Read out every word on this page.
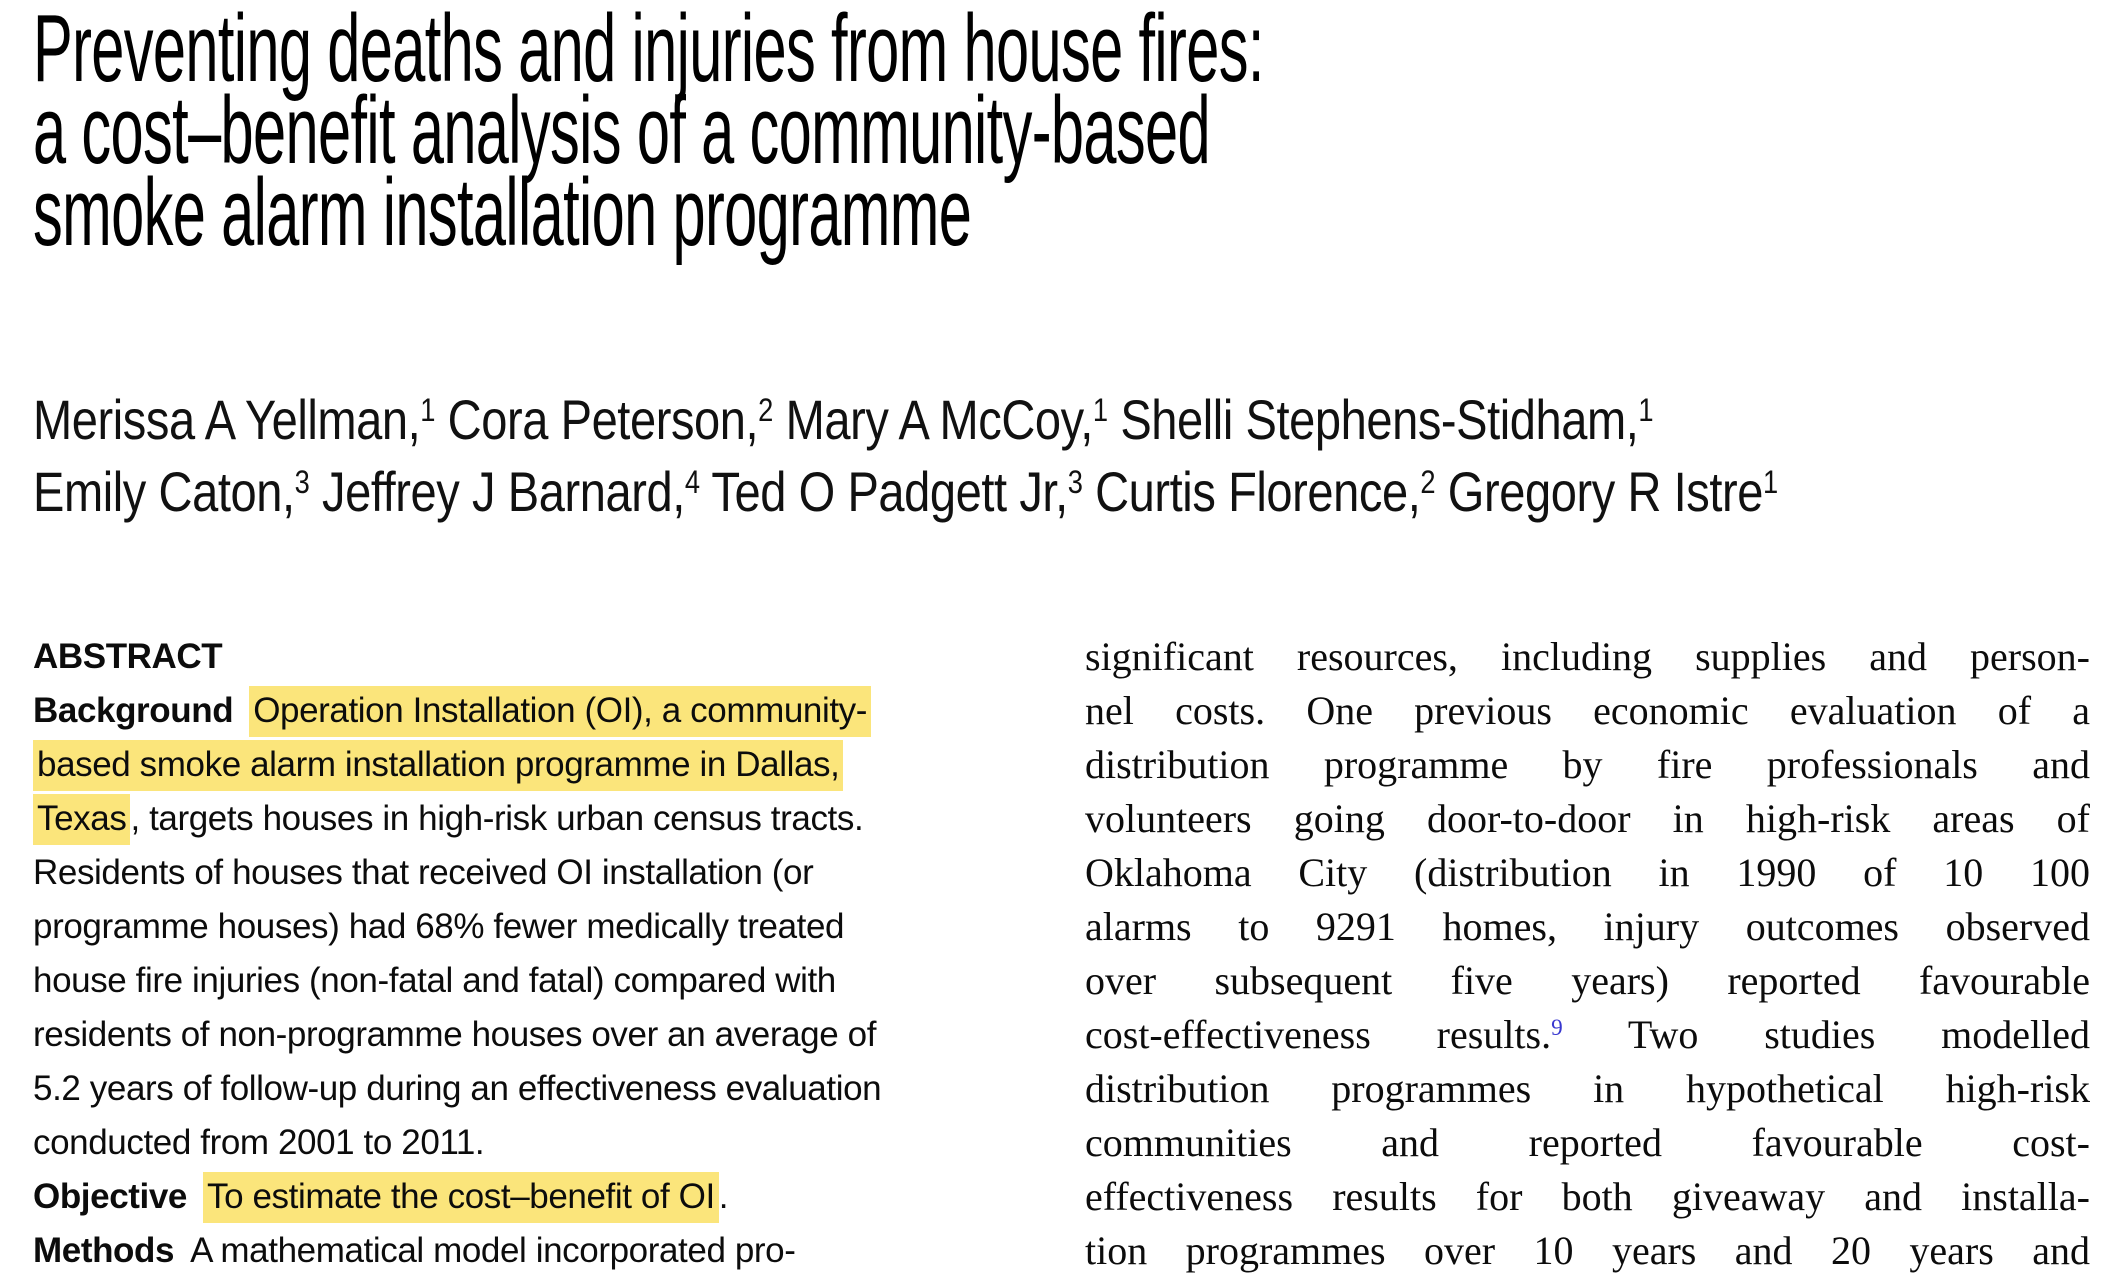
Preventing deaths and injuries from house fires:
a cost–benefit analysis of a community-based
smoke alarm installation programme
Merissa A Yellman,$^1$ Cora Peterson,$^2$ Mary A McCoy,$^1$ Shelli Stephens-Stidham,$^1$
Emily Caton,$^3$ Jeffrey J Barnard,$^4$ Ted O Padgett Jr,$^3$ Curtis Florence,$^2$ Gregory R Istre$^1$
ABSTRACT
Background Operation Installation (OI), a community-
based smoke alarm installation programme in Dallas,
Texas , targets houses in high-risk urban census tracts.
Residents of houses that received OI installation (or
programme houses) had 68% fewer medically treated
house fire injuries (non-fatal and fatal) compared with
residents of non-programme houses over an average of
5.2 years of follow-up during an effectiveness evaluation
conducted from 2001 to 2011.
Objective To estimate the cost–benefit of OI .
Methods A mathematical model incorporated pro-
significant resources, including supplies and person-
nel costs. One previous economic evaluation of a
distribution programme by fire professionals and
volunteers going door-to-door in high-risk areas of
Oklahoma City (distribution in 1990 of 10 100
alarms to 9291 homes, injury outcomes observed
over subsequent five years) reported favourable
cost-effectiveness results.$^9$ Two studies modelled
distribution programmes in hypothetical high-risk
communities and reported favourable cost-
effectiveness results for both giveaway and installa-
tion programmes over 10 years and 20 years and
